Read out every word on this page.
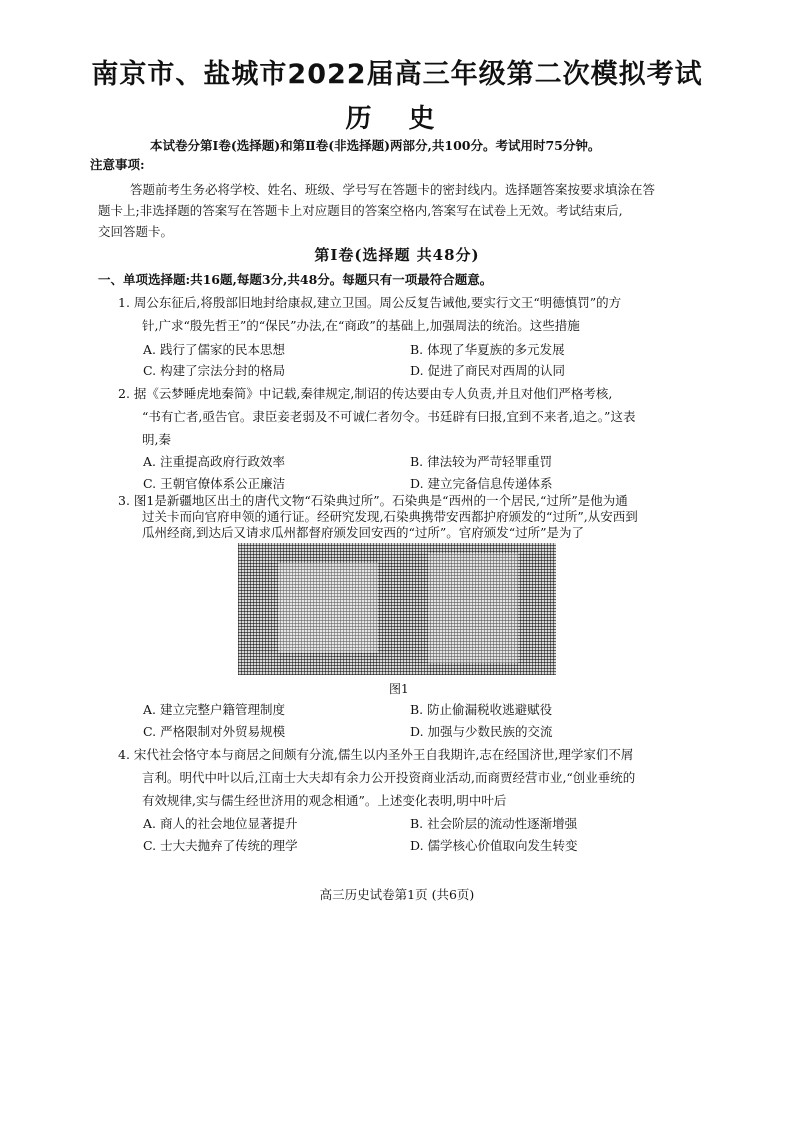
南京市、盐城市2022届高三年级第二次模拟考试
历 史
本试卷分第Ⅰ卷(选择题)和第Ⅱ卷(非选择题)两部分,共100分。考试用时75分钟。
注意事项:
答题前考生务必将学校、姓名、班级、学号写在答题卡的密封线内。选择题答案按要求填涂在答
题卡上;非选择题的答案写在答题卡上对应题目的答案空格内,答案写在试卷上无效。考试结束后,
交回答题卡。
第Ⅰ卷(选择题 共48分)
一、单项选择题:共16题,每题3分,共48分。每题只有一项最符合题意。
1. 周公东征后,将殷部旧地封给康叔,建立卫国。周公反复告诫他,要实行文王“明德慎罚”的方
针,广求“殷先哲王”的“保民”办法,在“商政”的基础上,加强周法的统治。这些措施
A. 践行了儒家的民本思想	B. 体现了华夏族的多元发展
C. 构建了宗法分封的格局	D. 促进了商民对西周的认同
2. 据《云梦睡虎地秦简》中记载,秦律规定,制诏的传达要由专人负责,并且对他们严格考核,
“书有亡者,亟告官。隶臣妾老弱及不可诚仁者勿令。书廷辟有曰报,宜到不来者,追之。”这表
明,秦
A. 注重提高政府行政效率	B. 律法较为严苛轻罪重罚
C. 王朝官僚体系公正廉洁	D. 建立完备信息传递体系
3. 图1是新疆地区出土的唐代文物“石染典过所”。石染典是“西州的一个居民,“过所”是他为通
过关卡而向官府申领的通行证。经研究发现,石染典携带安西都护府颁发的“过所”,从安西到
图1
A. 建立完整户籍管理制度	B. 防止偷漏税收逃避赋役
C. 严格限制对外贸易规模	D. 加强与少数民族的交流
4. 宋代社会恪守本与商居之间颇有分流,儒生以内圣外王自我期许,志在经国济世,理学家们不屑
言利。明代中叶以后,江南士大夫却有余力公开投资商业活动,而商贾经营市业,“创业垂统的
有效规律,实与儒生经世济用的观念相通”。上述变化表明,明中叶后
A. 商人的社会地位显著提升	B. 社会阶层的流动性逐渐增强
C. 士大夫抛弃了传统的理学	D. 儒学核心价值取向发生转变
高三历史试卷第1页 (共6页)
瓜州经商,到达后又请求瓜州都督府颁发回安西的“过所”。官府颁发“过所”是为了
